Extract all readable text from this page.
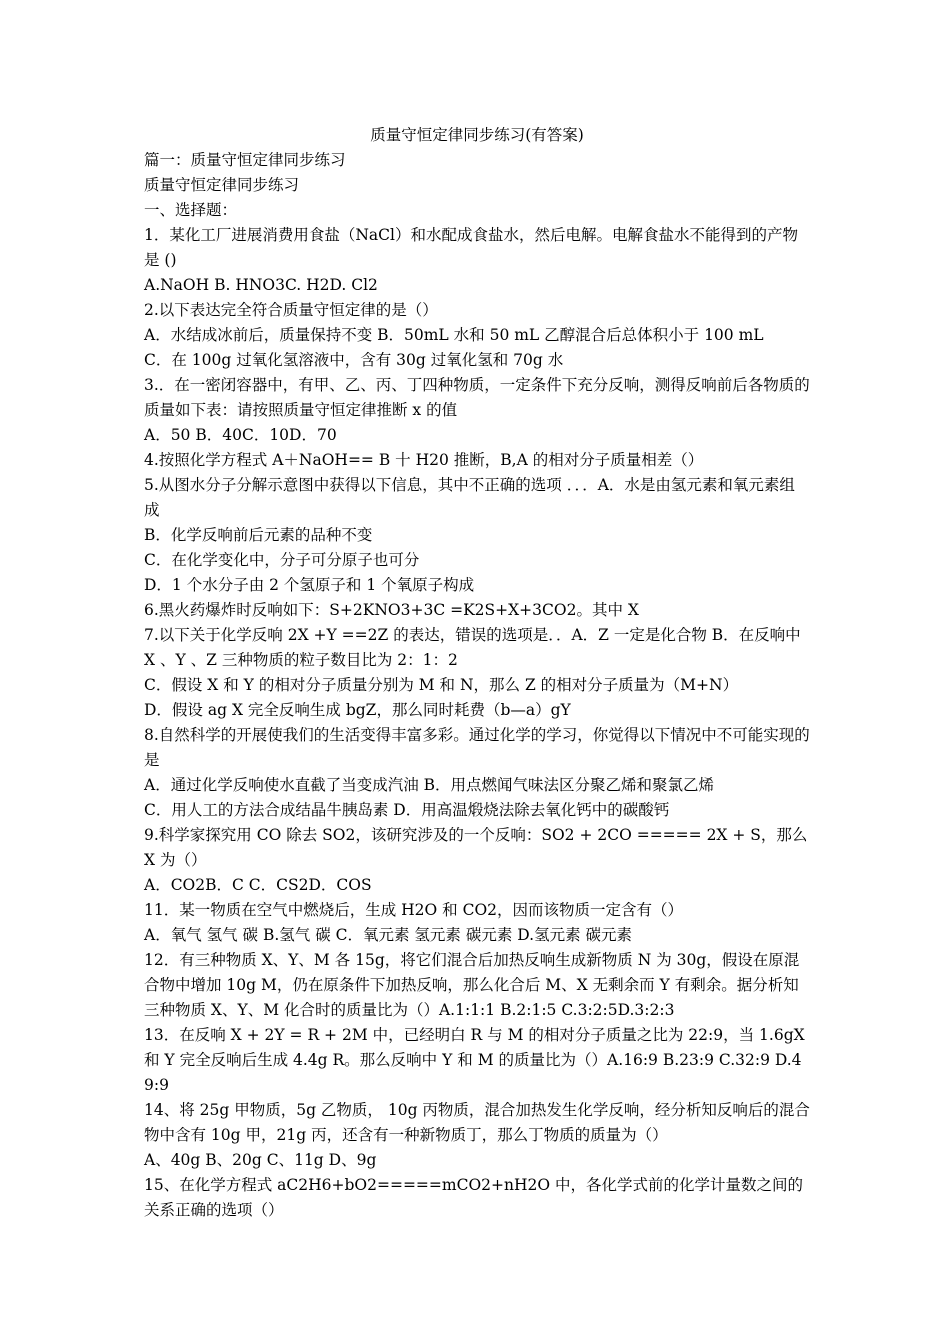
质量守恒定律同步练习(有答案)

篇一：质量守恒定律同步练习

质量守恒定律同步练习

一、选择题：

1．某化工厂进展消费用食盐（NaCl）和水配成食盐水，然后电解。电解食盐水不能得到的产物是 ()

A.NaOH B. HNO3C. H2D. Cl2

2.以下表达完全符合质量守恒定律的是（）

A．水结成冰前后，质量保持不变 B．50mL 水和 50 mL 乙醇混合后总体积小于 100 mL

C．在 100g 过氧化氢溶液中，含有 30g 过氧化氢和 70g 水

3.．在一密闭容器中，有甲、乙、丙、丁四种物质，一定条件下充分反响，测得反响前后各物质的质量如下表：请按照质量守恒定律推断 x 的值

A．50 B．40C．10D．70

4.按照化学方程式 A＋NaOH== B 十 H20 推断，B,A 的相对分子质量相差（）

5.从图水分子分解示意图中获得以下信息，其中不正确的选项 ．．．A．水是由氢元素和氧元素组成

B．化学反响前后元素的品种不变

C．在化学变化中，分子可分原子也可分

D．1 个水分子由 2 个氢原子和 1 个氧原子构成

6.黑火药爆炸时反响如下：S+2KNO3+3C =K2S+X+3CO2。其中 X

7.以下关于化学反响 2X +Y ==2Z 的表达，错误的选项是．．A．Z 一定是化合物 B．在反响中 X 、Y 、Z 三种物质的粒子数目比为 2：1：2

C．假设 X 和 Y 的相对分子质量分别为 M 和 N，那么 Z 的相对分子质量为（M+N）

D．假设 ag X 完全反响生成 bgZ，那么同时耗费（b—a）gY

8.自然科学的开展使我们的生活变得丰富多彩。通过化学的学习，你觉得以下情况中不可能实现的是

A．通过化学反响使水直截了当变成汽油 B．用点燃闻气味法区分聚乙烯和聚氯乙烯

C．用人工的方法合成结晶牛胰岛素 D．用高温煅烧法除去氧化钙中的碳酸钙

9.科学家探究用 CO 除去 SO2，该研究涉及的一个反响：SO2 + 2CO ===== 2X + S，那么 X 为（）

A．CO2B．C C．CS2D．COS

11．某一物质在空气中燃烧后，生成 H2O 和 CO2，因而该物质一定含有（）

A．氧气 氢气 碳 B.氢气 碳 C．氧元素 氢元素 碳元素 D.氢元素 碳元素

12．有三种物质 X、Y、M 各 15g，将它们混合后加热反响生成新物质 N 为 30g，假设在原混合物中增加 10g M，仍在原条件下加热反响，那么化合后 M、X 无剩余而 Y 有剩余。据分析知三种物质 X、Y、M 化合时的质量比为（）A.1:1:1 B.2:1:5 C.3:2:5D.3:2:3

13．在反响 X + 2Y = R + 2M 中，已经明白 R 与 M 的相对分子质量之比为 22:9，当 1.6gX 和 Y 完全反响后生成 4.4g R。那么反响中 Y 和 M 的质量比为（）A.16:9 B.23:9 C.32:9 D.49:9

14、将 25g 甲物质，5g 乙物质， 10g 丙物质，混合加热发生化学反响，经分析知反响后的混合物中含有 10g 甲，21g 丙，还含有一种新物质丁，那么丁物质的质量为（）

A、40g B、20g C、11g D、9g

15、在化学方程式 aC2H6+bO2=====mCO2+nH2O 中，各化学式前的化学计量数之间的关系正确的选项（）
